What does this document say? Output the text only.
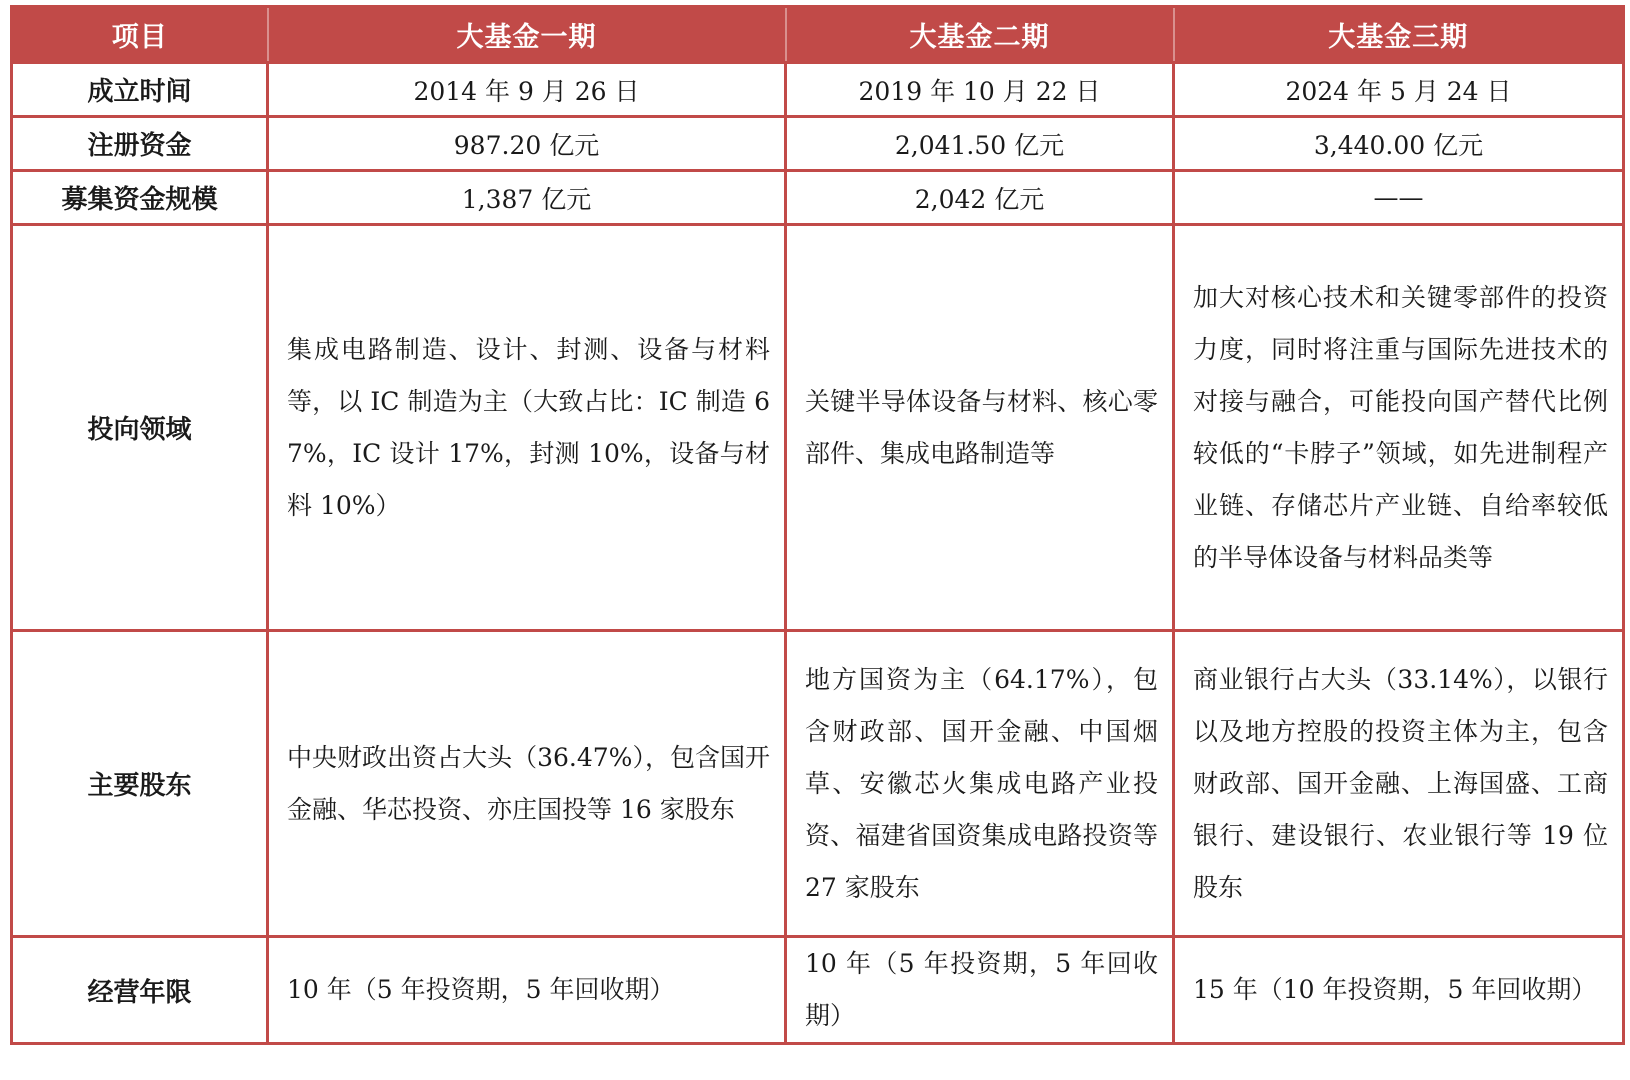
项目	大基金一期	大基金二期	大基金三期
成立时间	2014 年 9 月 26 日	2019 年 10 月 22 日	2024 年 5 月 24 日
注册资金	987.20 亿元	2,041.50 亿元	3,440.00 亿元
募集资金规模	1,387 亿元	2,042 亿元	——
投向领域	集成电路制造、设计、封测、设备与材料等，以 IC 制造为主（大致占比：IC 制造 67%，IC 设计 17%，封测 10%，设备与材料 10%）	关键半导体设备与材料、核心零部件、集成电路制造等	加大对核心技术和关键零部件的投资力度，同时将注重与国际先进技术的对接与融合，可能投向国产替代比例较低的“卡脖子”领域，如先进制程产业链、存储芯片产业链、自给率较低的半导体设备与材料品类等
主要股东	中央财政出资占大头（36.47%），包含国开金融、华芯投资、亦庄国投等 16 家股东	地方国资为主（64.17%），包含财政部、国开金融、中国烟草、安徽芯火集成电路产业投资、福建省国资集成电路投资等 27 家股东	商业银行占大头（33.14%），以银行以及地方控股的投资主体为主，包含财政部、国开金融、上海国盛、工商银行、建设银行、农业银行等 19 位股东
经营年限	10 年（5 年投资期，5 年回收期）	10 年（5 年投资期，5 年回收期）	15 年（10 年投资期，5 年回收期）
